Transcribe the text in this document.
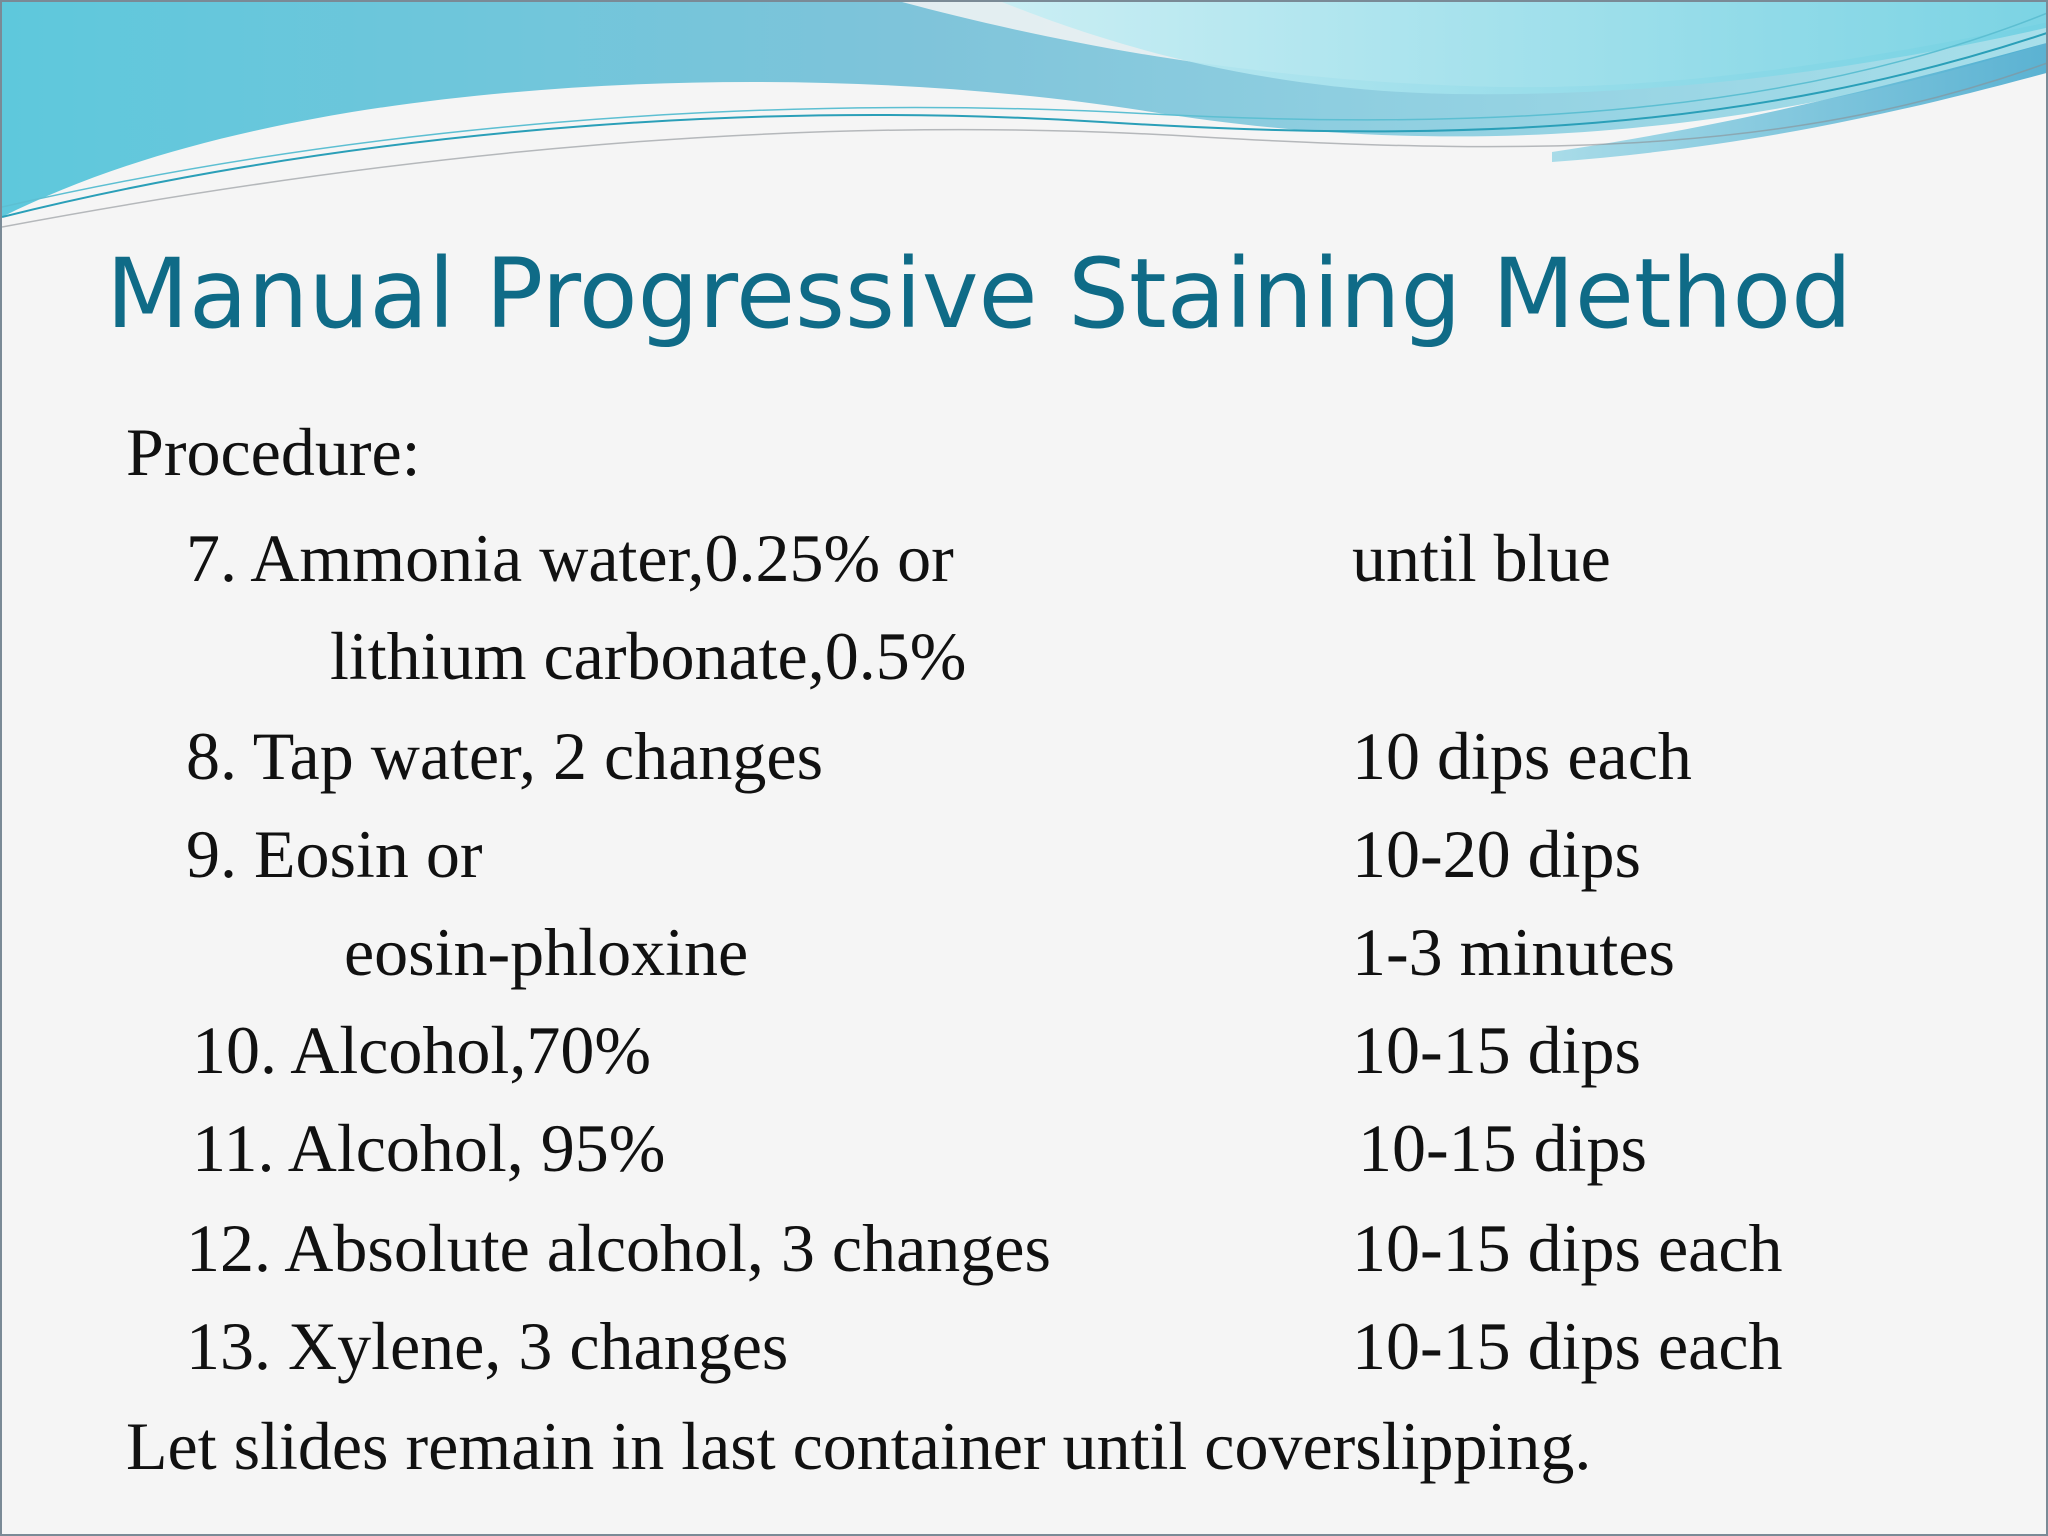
Manual Progressive Staining Method
Procedure:
7. Ammonia water,0.25% or	until blue
lithium carbonate,0.5%
8. Tap water, 2 changes	10 dips each
9. Eosin or	10-20 dips
eosin-phloxine	1-3 minutes
10. Alcohol,70%	10-15 dips
11. Alcohol, 95%	10-15 dips
12. Absolute alcohol, 3 changes	10-15 dips each
13. Xylene, 3 changes	10-15 dips each
Let slides remain in last container until coverslipping.
